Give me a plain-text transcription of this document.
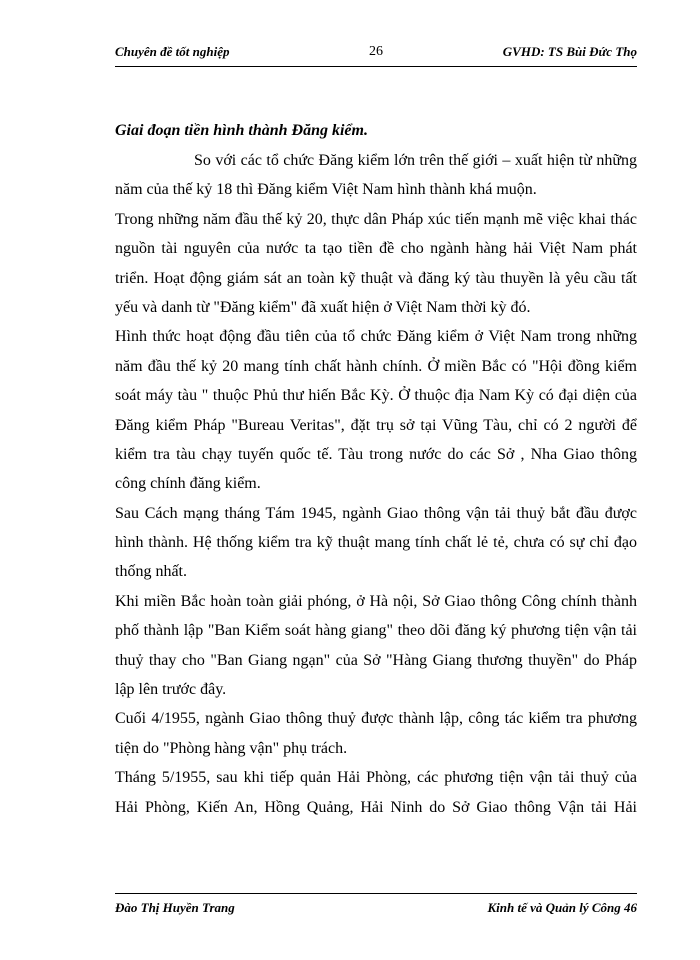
Chuyên đề tốt nghiệp	26	GVHD: TS Bùi Đức Thọ
Giai đoạn tiền hình thành Đăng kiểm.
So với các tổ chức Đăng kiểm lớn trên thế giới – xuất hiện từ những
năm của thế kỷ 18 thì Đăng kiểm Việt Nam hình thành khá muộn.
Trong những năm đầu thế kỷ 20, thực dân Pháp xúc tiến mạnh mẽ việc khai thác
nguồn tài nguyên của nước ta tạo tiền đề cho ngành hàng hải Việt Nam phát
triển. Hoạt động giám sát an toàn kỹ thuật và đăng ký tàu thuyền là yêu cầu tất
yếu và danh từ "Đăng kiểm" đã xuất hiện ở Việt Nam thời kỳ đó.
Hình thức hoạt động đầu tiên của tổ chức Đăng kiểm ở Việt Nam trong những
năm đầu thế kỷ 20 mang tính chất hành chính. Ở miền Bắc có "Hội đồng kiểm
soát máy tàu " thuộc Phủ thư hiến Bắc Kỳ. Ở thuộc địa Nam Kỳ có đại diện của
Đăng kiểm Pháp "Bureau Veritas", đặt trụ sở tại Vũng Tàu, chỉ có 2 người để
kiểm tra tàu chạy tuyến quốc tế. Tàu trong nước do các Sở , Nha Giao thông
công chính đăng kiểm.
Sau Cách mạng tháng Tám 1945, ngành Giao thông vận tải thuỷ bắt đầu được
hình thành. Hệ thống kiểm tra kỹ thuật mang tính chất lẻ tẻ, chưa có sự chỉ đạo
thống nhất.
Khi miền Bắc hoàn toàn giải phóng, ở Hà nội, Sở Giao thông Công chính thành
phố thành lập "Ban Kiểm soát hàng giang" theo dõi đăng ký phương tiện vận tải
thuỷ thay cho "Ban Giang ngạn" của Sở "Hàng Giang thương thuyền" do Pháp
lập lên trước đây.
Cuối 4/1955, ngành Giao thông thuỷ được thành lập, công tác kiểm tra phương
tiện do "Phòng hàng vận" phụ trách.
Tháng 5/1955, sau khi tiếp quản Hải Phòng, các phương tiện vận tải thuỷ của
Hải Phòng, Kiến An, Hồng Quảng, Hải Ninh do Sở Giao thông Vận tải Hải
Đào Thị Huyền Trang	Kinh tế và Quản lý Công 46
